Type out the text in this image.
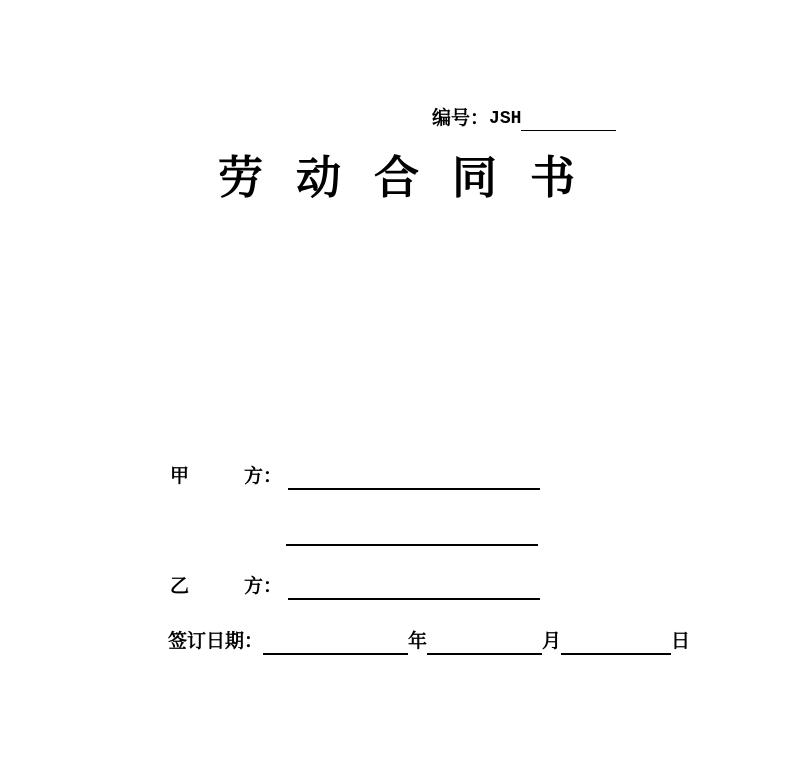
编号： JSH
劳动合同书
甲	方：
乙	方：
签订日期：	年	月	日
